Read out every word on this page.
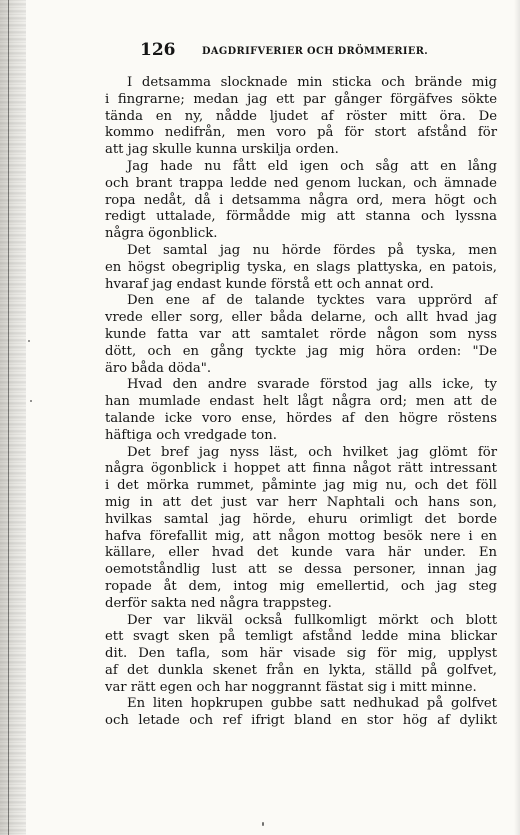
126	DAGDRIFVERIER OCH DRÖMMERIER.
I detsamma slocknade min sticka och brände mig
i fingrarne; medan jag ett par gånger förgäfves sökte
tända en ny, nådde ljudet af röster mitt öra. De
kommo nedifrån, men voro på för stort afstånd för
att jag skulle kunna urskilja orden.
Jag hade nu fått eld igen och såg att en lång
och brant trappa ledde ned genom luckan, och ämnade
ropa nedåt, då i detsamma några ord, mera högt och
redigt uttalade, förmådde mig att stanna och lyssna
några ögonblick.
Det samtal jag nu hörde fördes på tyska, men
en högst obegriplig tyska, en slags plattyska, en patois,
hvaraf jag endast kunde förstå ett och annat ord.
Den ene af de talande tycktes vara upprörd af
vrede eller sorg, eller båda delarne, och allt hvad jag
kunde fatta var att samtalet rörde någon som nyss
dött, och en gång tyckte jag mig höra orden: "De
äro båda döda".
Hvad den andre svarade förstod jag alls icke, ty
han mumlade endast helt lågt några ord; men att de
talande icke voro ense, hördes af den högre röstens
häftiga och vredgade ton.
Det bref jag nyss läst, och hvilket jag glömt för
några ögonblick i hoppet att finna något rätt intressant
i det mörka rummet, påminte jag mig nu, och det föll
mig in att det just var herr Naphtali och hans son,
hvilkas samtal jag hörde, ehuru orimligt det borde
hafva förefallit mig, att någon mottog besök nere i en
källare, eller hvad det kunde vara här under. En
oemotståndlig lust att se dessa personer, innan jag
ropade åt dem, intog mig emellertid, och jag steg
derför sakta ned några trappsteg.
Der var likväl också fullkomligt mörkt och blott
ett svagt sken på temligt afstånd ledde mina blickar
dit. Den tafla, som här visade sig för mig, upplyst
af det dunkla skenet från en lykta, ställd på golfvet,
var rätt egen och har noggrannt fästat sig i mitt minne.
En liten hopkrupen gubbe satt nedhukad på golfvet
och letade och ref ifrigt bland en stor hög af dylikt
